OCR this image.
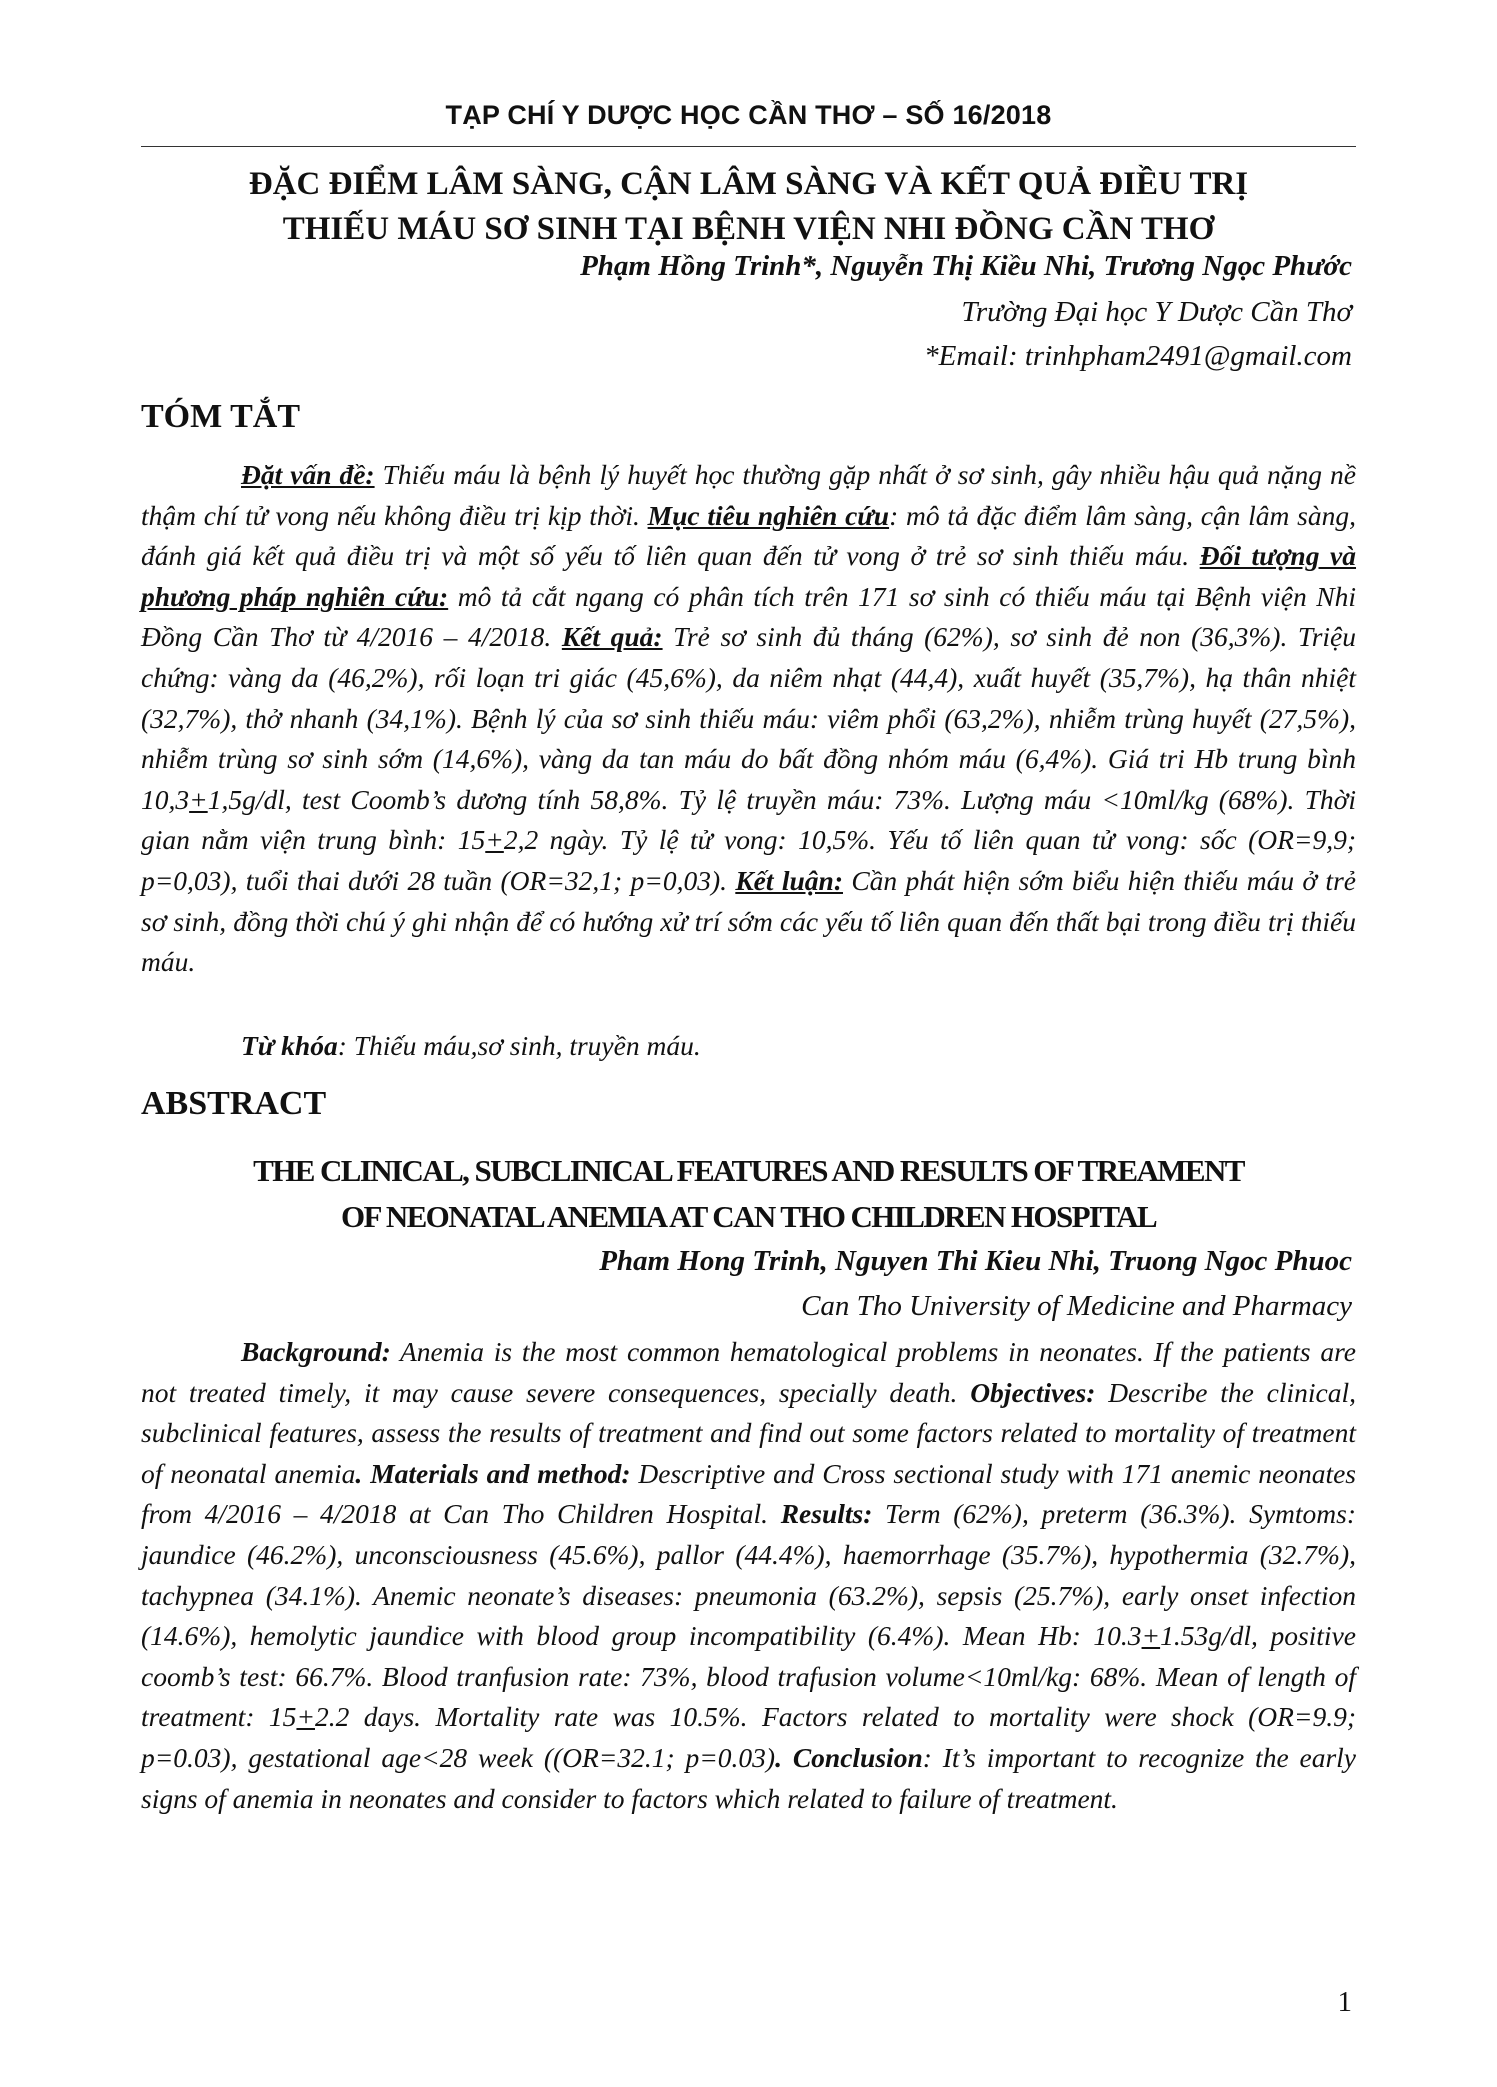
TẠP CHÍ Y DƯỢC HỌC CẦN THƠ – SỐ 16/2018
ĐẶC ĐIỂM LÂM SÀNG, CẬN LÂM SÀNG VÀ KẾT QUẢ ĐIỀU TRỊ
THIẾU MÁU SƠ SINH TẠI BỆNH VIỆN NHI ĐỒNG CẦN THƠ
Phạm Hồng Trinh*, Nguyễn Thị Kiều Nhi, Trương Ngọc Phước
Trường Đại học Y Dược Cần Thơ
*Email: trinhpham2491@gmail.com
TÓM TẮT
Đặt vấn đề: Thiếu máu là bệnh lý huyết học thường gặp nhất ở sơ sinh, gây nhiều hậu quả nặng nề thậm chí tử vong nếu không điều trị kịp thời. Mục tiêu nghiên cứu: mô tả đặc điểm lâm sàng, cận lâm sàng, đánh giá kết quả điều trị và một số yếu tố liên quan đến tử vong ở trẻ sơ sinh thiếu máu. Đối tượng và phương pháp nghiên cứu: mô tả cắt ngang có phân tích trên 171 sơ sinh có thiếu máu tại Bệnh viện Nhi Đồng Cần Thơ từ 4/2016 – 4/2018. Kết quả: Trẻ sơ sinh đủ tháng (62%), sơ sinh đẻ non (36,3%). Triệu chứng: vàng da (46,2%), rối loạn tri giác (45,6%), da niêm nhạt (44,4), xuất huyết (35,7%), hạ thân nhiệt (32,7%), thở nhanh (34,1%). Bệnh lý của sơ sinh thiếu máu: viêm phổi (63,2%), nhiễm trùng huyết (27,5%), nhiễm trùng sơ sinh sớm (14,6%), vàng da tan máu do bất đồng nhóm máu (6,4%). Giá tri Hb trung bình 10,3+1,5g/dl, test Coomb’s dương tính 58,8%. Tỷ lệ truyền máu: 73%. Lượng máu <10ml/kg (68%). Thời gian nằm viện trung bình: 15+2,2 ngày. Tỷ lệ tử vong: 10,5%. Yếu tố liên quan tử vong: sốc (OR=9,9; p=0,03), tuổi thai dưới 28 tuần (OR=32,1; p=0,03). Kết luận: Cần phát hiện sớm biểu hiện thiếu máu ở trẻ sơ sinh, đồng thời chú ý ghi nhận để có hướng xử trí sớm các yếu tố liên quan đến thất bại trong điều trị thiếu máu.
Từ khóa: Thiếu máu,sơ sinh, truyền máu.
ABSTRACT
THE CLINICAL, SUBCLINICAL FEATURES AND RESULTS OF TREAMENT
OF NEONATAL ANEMIA AT CAN THO CHILDREN HOSPITAL
Pham Hong Trinh, Nguyen Thi Kieu Nhi, Truong Ngoc Phuoc
Can Tho University of Medicine and Pharmacy
Background: Anemia is the most common hematological problems in neonates. If the patients are not treated timely, it may cause severe consequences, specially death. Objectives: Describe the clinical, subclinical features, assess the results of treatment and find out some factors related to mortality of treatment of neonatal anemia. Materials and method: Descriptive and Cross sectional study with 171 anemic neonates from 4/2016 – 4/2018 at Can Tho Children Hospital. Results: Term (62%), preterm (36.3%). Symtoms: jaundice (46.2%), unconsciousness (45.6%), pallor (44.4%), haemorrhage (35.7%), hypothermia (32.7%), tachypnea (34.1%). Anemic neonate’s diseases: pneumonia (63.2%), sepsis (25.7%), early onset infection (14.6%), hemolytic jaundice with blood group incompatibility (6.4%). Mean Hb: 10.3+1.53g/dl, positive coomb’s test: 66.7%. Blood tranfusion rate: 73%, blood trafusion volume<10ml/kg: 68%. Mean of length of treatment: 15+2.2 days. Mortality rate was 10.5%. Factors related to mortality were shock (OR=9.9; p=0.03), gestational age<28 week ((OR=32.1; p=0.03). Conclusion: It’s important to recognize the early signs of anemia in neonates and consider to factors which related to failure of treatment.
1
